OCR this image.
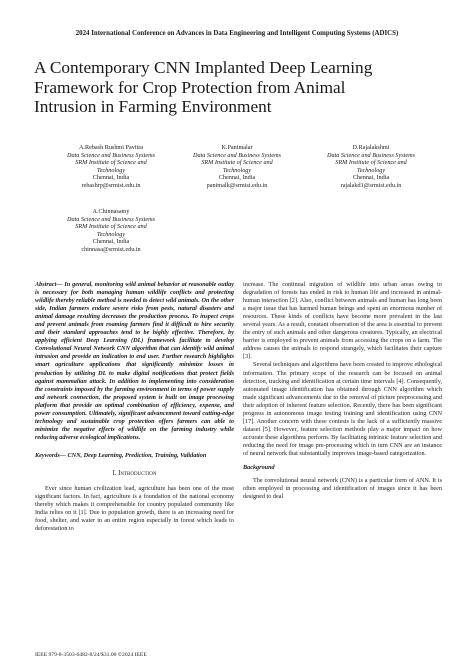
2024 International Conference on Advances in Data Engineering and Intelligent Computing Systems (ADICS)
A Contemporary CNN Implanted Deep Learning
Framework for Crop Protection from Animal
Intrusion in Farming Environment
A.Rebash Rushmi Pavitra
Data Science and Business Systems
SRM Institute of Science and
Technology
Chennai, India
rebashrp@srmist.edu.in
K.Panimalar
Data Science and Business Systems
SRM Institute of Science and
Technology
Chennai, India
panimalk@srmist.edu.in
D.Rajalakshmi
Data Science and Business Systems
SRM Institute of Science and
Technology
Chennai, India
rajalakd1@srmist.edu.in
A.Chinnasamy
Data Science and Business Systems
SRM Institute of Science and
Technology
Chennai, India
chinnasa@srmist.edu.in
Abstract— In general, monitoring wild animal behavior at reasonable outlay is necessary for both managing human wildlife conflicts and protecting wildlife thereby reliable method is needed to detect wild animals. On the other side, Indian farmers endure severe risks from pests, natural disasters and animal damage resulting decreases the production process. To inspect crops and prevent animals from roaming farmers find it difficult to hire security and their standard approaches tend to be highly effective. Therefore, by applying efficient Deep Learning (DL) framework facilitate to develop Convolutional Neural Network CNN algorithm that can identify wild animal intrusion and provide an indication to end user. Further research highlights smart agriculture applications that significantly minimize losses in production by utilizing DL to make digital notifications that protect fields against mammalian attack. In addition to implementing into consideration the constraints imposed by the farming environment in terms of power supply and network connection, the proposed system is built on image processing platform that provide an optimal combination of efficiency, expense, and power consumption. Ultimately, significant advancement toward cutting-edge technology and sustainable crop protection offers farmers can able to minimize the negative effects of wildlife on the farming industry while reducing adverse ecological implications.
Keywords— CNN, Deep Learning, Prediction, Training, Validation
I. Introduction

Ever since human civilization lead, agriculture has been one of the most significant factors. In fact, agriculture is a foundation of the national economy thereby which makes it comprehensible for country populated community like India relies on it [1]. Due to population growth, there is an increasing need for food, shelter, and water in an entire region especially in forest which leads to deforestation to

increase. The continual migration of wildlife into urban areas owing to degradation of forests has ended in risk to human life and increased in animal-human interaction [2]. Also, conflict between animals and human has long been a major issue that has harmed human beings and spent an enormous number of resources. These kinds of conflicts have become more prevalent in the last several years. As a result, constant observation of the area is essential to prevent the entry of such animals and other dangerous creatures. Typically, an electrical barrier is employed to prevent animals from accessing the crops on a farm. The address causes the animals to respond strangely, which facilitates their capture [3].

Several techniques and algorithms have been created to improve ethological information. The primary scope of the research can be focused on animal detection, tracking and identification at certain time intervals [4]. Consequently, automated image identification has obtained through CNN algorithm which made significant advancements due to the removal of picture preprocessing and their adoption of inherent feature selection. Recently, there has been significant progress in autonomous image testing training and identification using CNN [17]. Another concern with these contests is the lack of a sufficiently massive dataset [5]. However, feature selection methods play a major impact on how accurate these algorithms perform. By facilitating intrinsic feature selection and reducing the need for image pre-processing which in turn CNN are an instance of neural network that substantially improves image-based categorization.

Background

The convolutional neural network (CNN) is a particular form of ANN. It is often employed in processing and identification of images since it has been designed to deal

IEEE 979-8-3503-6482-8/24/$31.00 ©2024 IEEE
